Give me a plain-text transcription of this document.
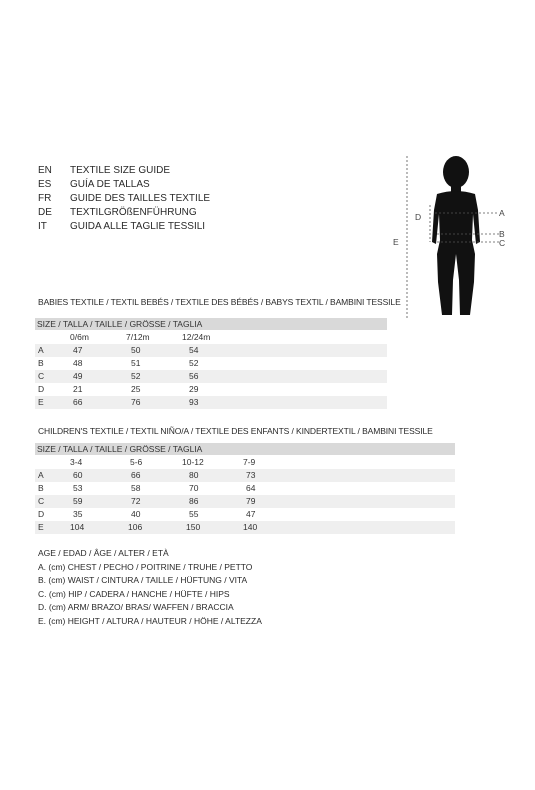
EN TEXTILE SIZE GUIDE
ES GUÍA DE TALLAS
FR GUIDE DES TAILLES TEXTILE
DE TEXTILGRÖßENFÜHRUNG
IT GUIDA ALLE TAGLIE TESSILI
A
B
C
D
E
BABIES TEXTILE / TEXTIL BEBÉS / TEXTILE DES BÉBÉS / BABYS TEXTIL / BAMBINI TESSILE
SIZE / TALLA / TAILLE / GRÖSSE / TAGLIA
0/6m	7/12m	12/24m
A	47	50	54
B	48	51	52
C	49	52	56
D	21	25	29
E	66	76	93
CHILDREN'S TEXTILE / TEXTIL NIÑO/A / TEXTILE DES ENFANTS / KINDERTEXTIL / BAMBINI TESSILE
SIZE / TALLA / TAILLE / GRÖSSE / TAGLIA
3-4	5-6	10-12	7-9
A	60	66	80	73
B	53	58	70	64
C	59	72	86	79
D	35	40	55	47
E	104	106	150	140
AGE / EDAD / ÂGE / ALTER / ETÀ
A. (cm) CHEST / PECHO / POITRINE / TRUHE / PETTO
B. (cm) WAIST / CINTURA / TAILLE / HÜFTUNG / VITA
C. (cm) HIP / CADERA / HANCHE / HÜFTE / HIPS
D. (cm) ARM/ BRAZO/ BRAS/ WAFFEN / BRACCIA
E. (cm) HEIGHT / ALTURA / HAUTEUR / HÖHE / ALTEZZA
